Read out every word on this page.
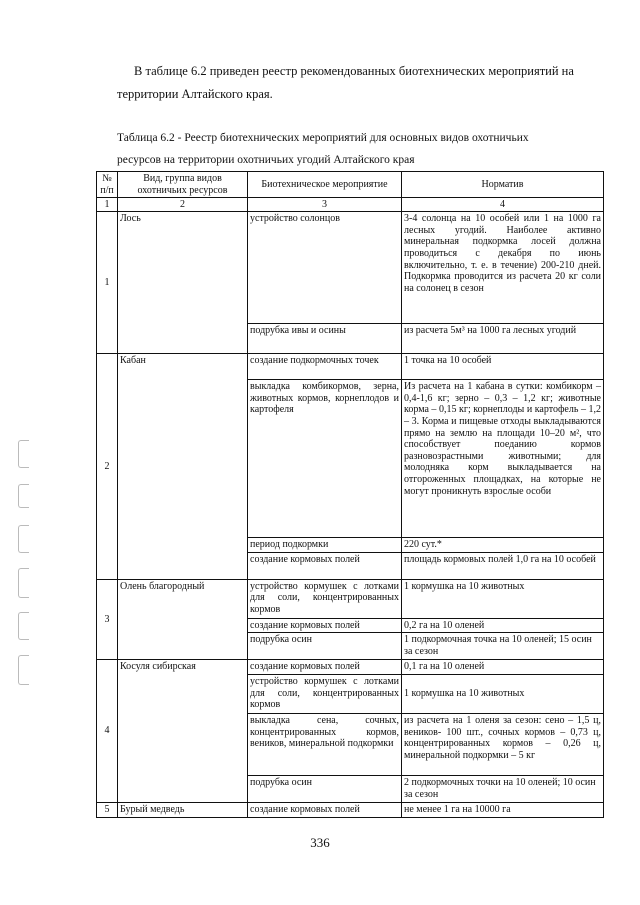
В таблице 6.2 приведен реестр рекомендованных биотехнических мероприятий на
территории Алтайского края.
Таблица 6.2 - Реестр биотехнических мероприятий для основных видов охотничьих
ресурсов на территории охотничьих угодий Алтайского края
№ п/п	Вид, группа видов охотничьих ресурсов	Биотехническое мероприятие	Норматив
1	2	3	4
1	Лось	устройство солонцов	3-4 солонца на 10 особей или 1 на 1000 га лесных угодий. Наиболее активно минеральная подкормка лосей должна проводиться с декабря по июнь включительно, т. е. в течение) 200-210 дней. Подкормка проводится из расчета 20 кг соли на солонец в сезон
		подрубка ивы и осины	из расчета 5м³ на 1000 га лесных угодий
2	Кабан	создание подкормочных точек	1 точка на 10 особей
		выкладка комбикормов, зерна, животных кормов, корнеплодов и картофеля	Из расчета на 1 кабана в сутки: комбикорм – 0,4-1,6 кг; зерно – 0,3 – 1,2 кг; животные корма – 0,15 кг; корнеплоды и картофель – 1,2 – 3. Корма и пищевые отходы выкладываются прямо на землю на площади 10–20 м², что способствует поеданию кормов разновозрастными животными; для молодняка корм выкладывается на отгороженных площадках, на которые не могут проникнуть взрослые особи
		период подкормки	220 сут.*
		создание кормовых полей	площадь кормовых полей 1,0 га на 10 особей
3	Олень благородный	устройство кормушек с лотками для соли, концентрированных кормов	1 кормушка на 10 животных
		создание кормовых полей	0,2 га на 10 оленей
		подрубка осин	1 подкормочная точка на 10 оленей; 15 осин за сезон
4	Косуля сибирская	создание кормовых полей	0,1 га на 10 оленей
		устройство кормушек с лотками для соли, концентрированных кормов	1 кормушка на 10 животных
		выкладка сена, сочных, концентрированных кормов, веников, минеральной подкормки	из расчета на 1 оленя за сезон: сено – 1,5 ц, веников- 100 шт., сочных кормов – 0,73 ц, концентрированных кормов – 0,26 ц, минеральной подкормки – 5 кг
		подрубка осин	2 подкормочных точки на 10 оленей; 10 осин за сезон
5	Бурый медведь	создание кормовых полей	не менее 1 га на 10000 га
336
